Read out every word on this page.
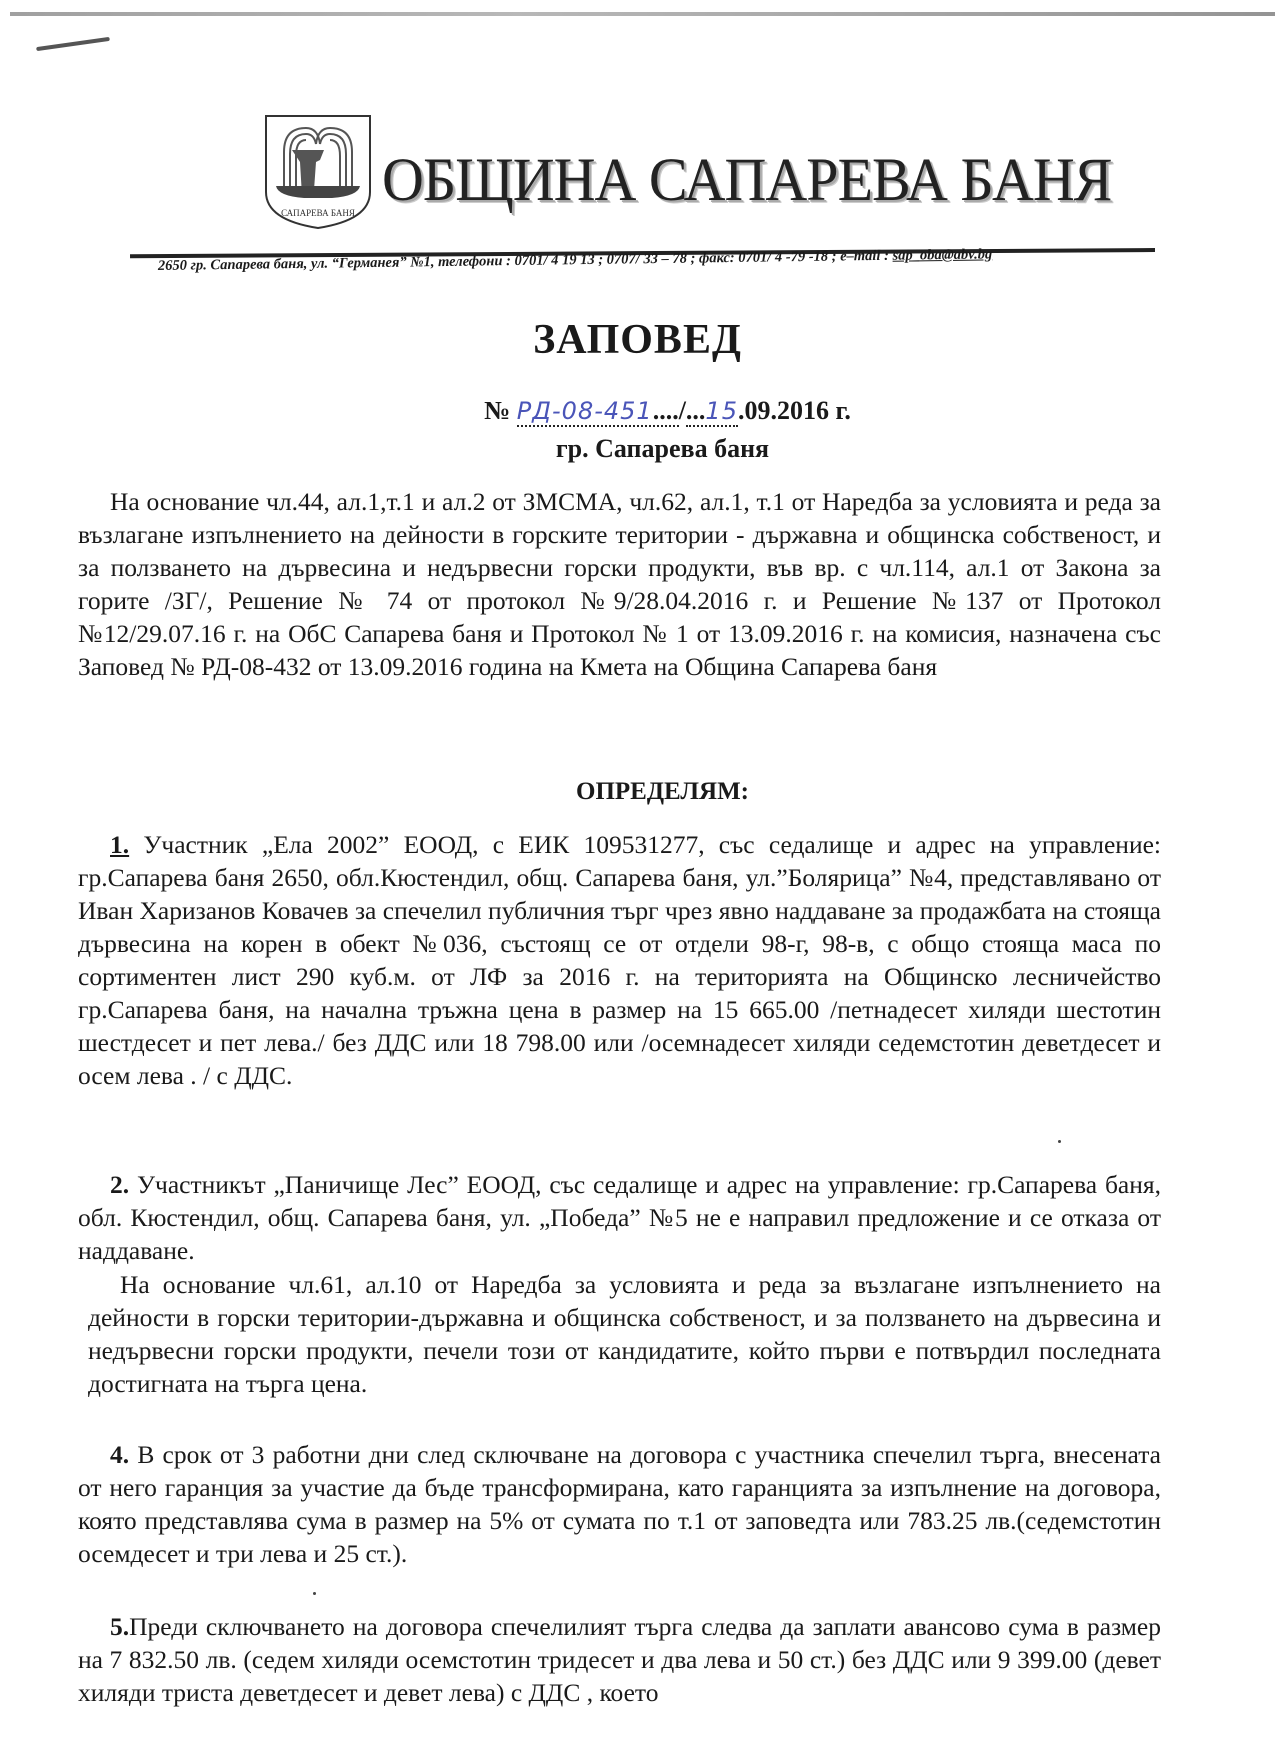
САПАРЕВА БАНЯ ОБЩИНА САПАРЕВА БАНЯ
2650 гр. Сапарева баня, ул. “Германея” №1, телефони : 0701/ 4 19 13 ; 0707/ 33 – 78 ; факс: 0701/ 4 -79 -18 ; e–mail : sap_oba@abv.bg
ЗАПОВЕД
№ РД-08-451..../...15.09.2016 г.
гр. Сапарева баня
На основание чл.44, ал.1,т.1 и ал.2 от ЗМСМА, чл.62, ал.1, т.1 от Наредба за условията и реда за възлагане изпълнението на дейности в горските територии - държавна и общинска собственост, и за ползването на дървесина и недървесни горски продукти, във вр. с чл.114, ал.1 от Закона за горите /ЗГ/, Решение № 74 от протокол №9/28.04.2016 г. и Решение №137 от Протокол №12/29.07.16 г. на ОбС Сапарева баня и Протокол № 1 от 13.09.2016 г. на комисия, назначена със Заповед № РД-08-432 от 13.09.2016 година на Кмета на Община Сапарева баня
ОПРЕДЕЛЯМ:
1. Участник „Ела 2002” ЕООД, с ЕИК 109531277, със седалище и адрес на управление: гр.Сапарева баня 2650, обл.Кюстендил, общ. Сапарева баня, ул.”Болярица” №4, представлявано от Иван Харизанов Ковачев за спечелил публичния търг чрез явно наддаване за продажбата на стояща дървесина на корен в обект №036, състоящ се от отдели 98-г, 98-в, с общо стояща маса по сортиментен лист 290 куб.м. от ЛФ за 2016 г. на територията на Общинско лесничейство гр.Сапарева баня, на начална тръжна цена в размер на 15 665.00 /петнадесет хиляди шестотин шестдесет и пет лева./ без ДДС или 18 798.00 или /осемнадесет хиляди седемстотин деветдесет и осем лева . / с ДДС.
2. Участникът „Паничище Лес” ЕООД, със седалище и адрес на управление: гр.Сапарева баня, обл. Кюстендил, общ. Сапарева баня, ул. „Победа” №5 не е направил предложение и се отказа от наддаване.
На основание чл.61, ал.10 от Наредба за условията и реда за възлагане изпълнението на дейности в горски територии-държавна и общинска собственост, и за ползването на дървесина и недървесни горски продукти, печели този от кандидатите, който първи е потвърдил последната достигната на търга цена.
4. В срок от 3 работни дни след сключване на договора с участника спечелил търга, внесената от него гаранция за участие да бъде трансформирана, като гаранцията за изпълнение на договора, която представлява сума в размер на 5% от сумата по т.1 от заповедта или 783.25 лв.(седемстотин осемдесет и три лева и 25 ст.).
5.Преди сключването на договора спечелилият търга следва да заплати авансово сума в размер на 7 832.50 лв. (седем хиляди осемстотин тридесет и два лева и 50 ст.) без ДДС или 9 399.00 (девет хиляди триста деветдесет и девет лева) с ДДС , което
